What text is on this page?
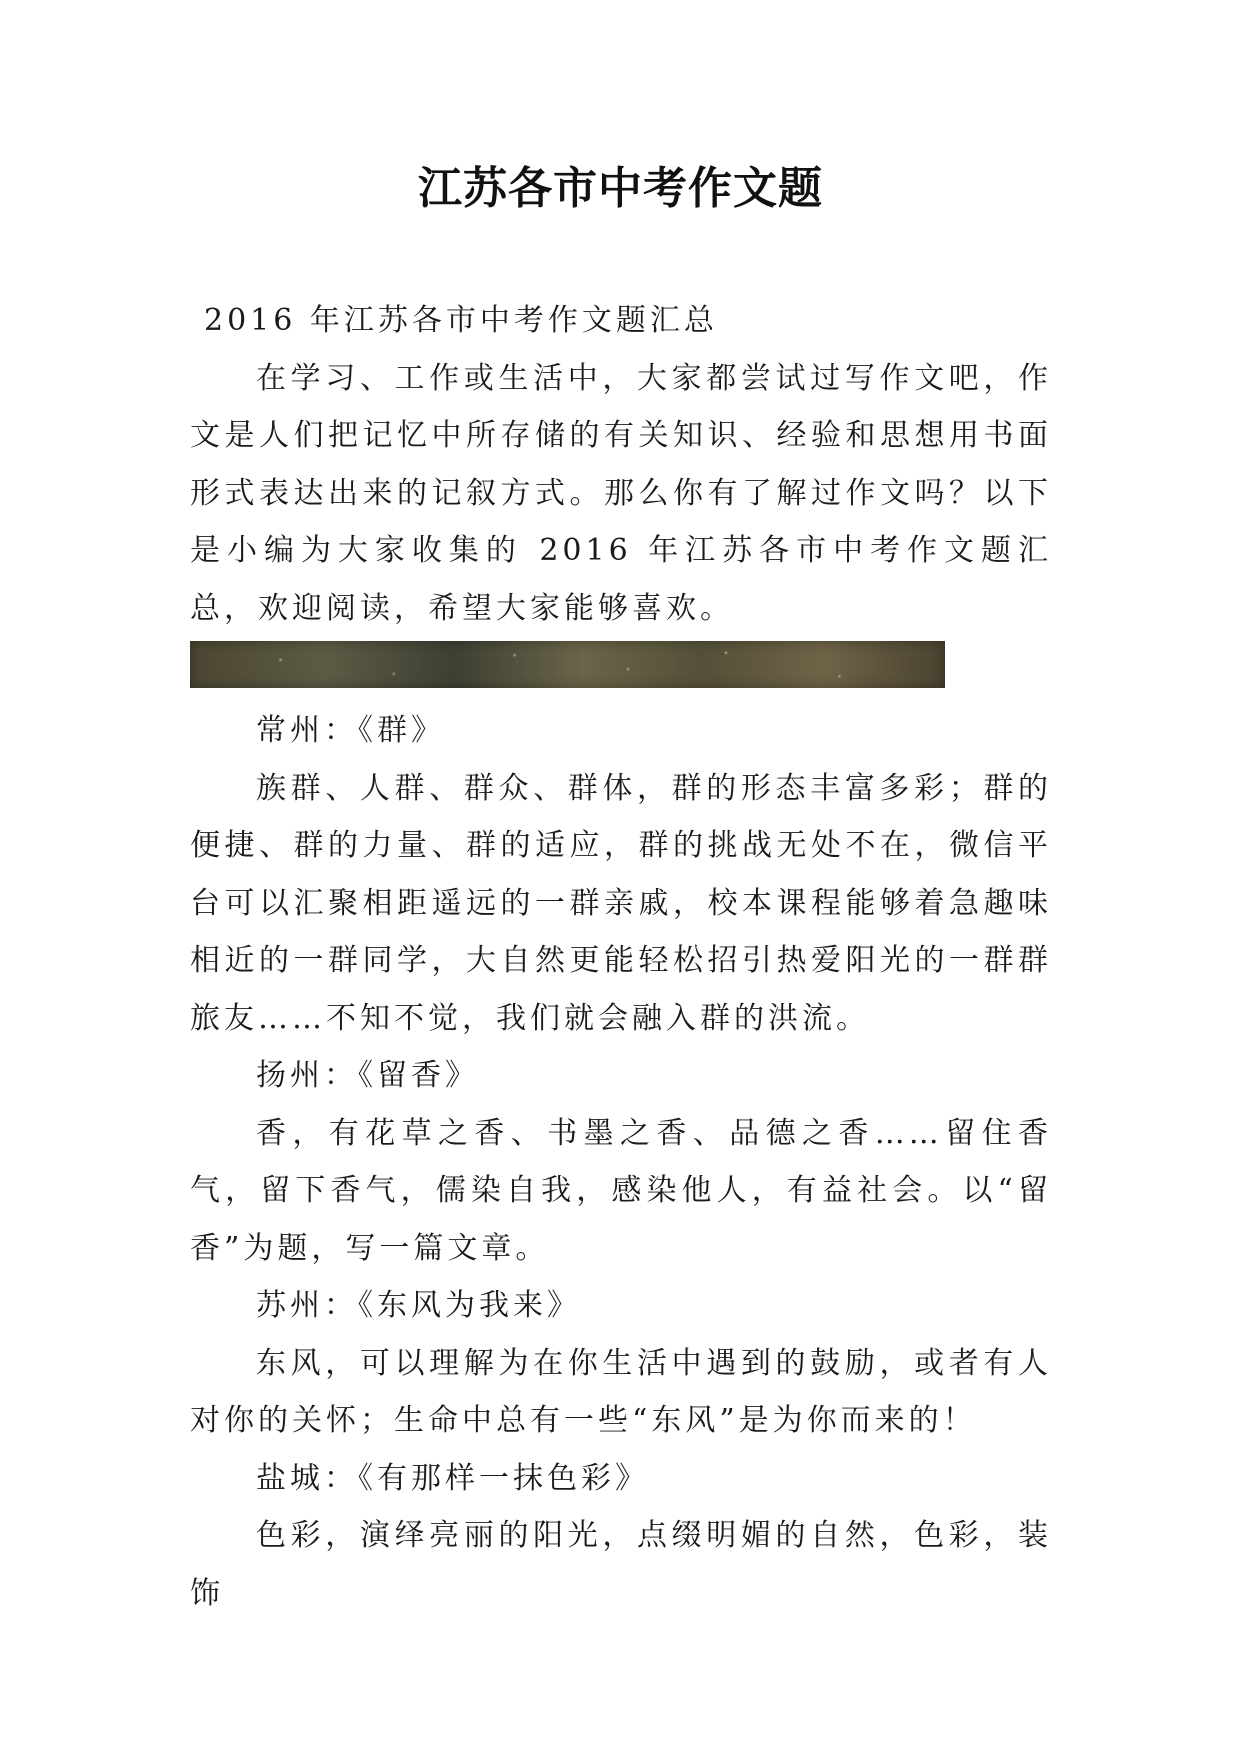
江苏各市中考作文题

2016 年江苏各市中考作文题汇总

在学习、工作或生活中，大家都尝试过写作文吧，作文是人们把记忆中所存储的有关知识、经验和思想用书面形式表达出来的记叙方式。那么你有了解过作文吗？以下是小编为大家收集的 2016 年江苏各市中考作文题汇总，欢迎阅读，希望大家能够喜欢。

常州：《群》

族群、人群、群众、群体，群的形态丰富多彩；群的便捷、群的力量、群的适应，群的挑战无处不在，微信平台可以汇聚相距遥远的一群亲戚，校本课程能够着急趣味相近的一群同学，大自然更能轻松招引热爱阳光的一群群旅友……不知不觉，我们就会融入群的洪流。

扬州：《留香》

香，有花草之香、书墨之香、品德之香……留住香气，留下香气，儒染自我，感染他人，有益社会。以“留香”为题，写一篇文章。

苏州：《东风为我来》

东风，可以理解为在你生活中遇到的鼓励，或者有人对你的关怀；生命中总有一些“东风”是为你而来的！

盐城：《有那样一抹色彩》

色彩，演绎亮丽的阳光，点缀明媚的自然，色彩，装饰
